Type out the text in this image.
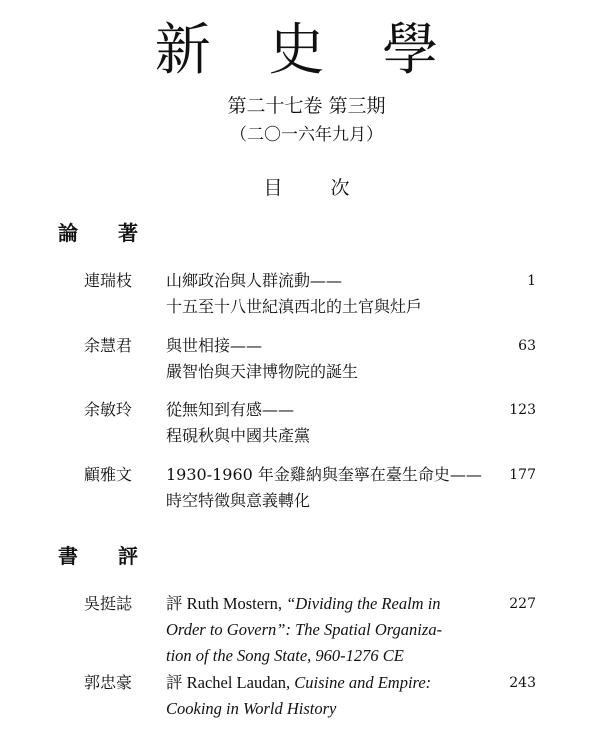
新 史 學
第二十七卷 第三期
（二〇一六年九月）
目	次
論 著
連瑞枝 山鄉政治與人群流動——
十五至十八世紀滇西北的土官與灶戶
1
余慧君 與世相接——
嚴智怡與天津博物院的誕生
63
余敏玲 從無知到有感——
程硯秋與中國共產黨
123
顧雅文 1930-1960 年金雞納與奎寧在臺生命史——
時空特徵與意義轉化
177
書 評
吳挺誌 評 Ruth Mostern, “Dividing the Realm in
Order to Govern”: The Spatial Organiza-
tion of the Song State, 960-1276 CE
227
郭忠豪 評 Rachel Laudan, Cuisine and Empire:
Cooking in World History
243
